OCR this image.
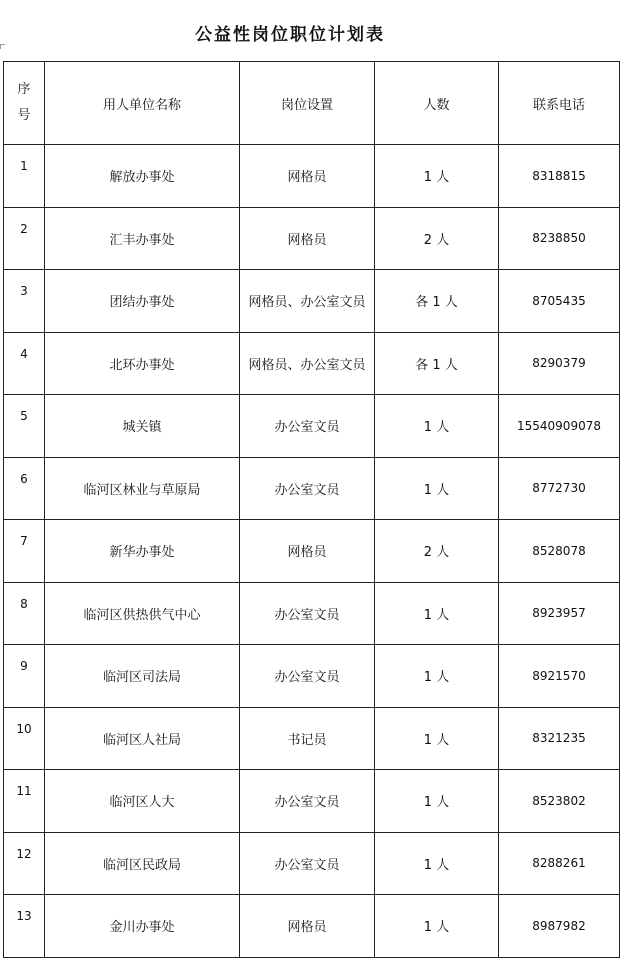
公益性岗位职位计划表
序
号	用人单位名称	岗位设置	人数	联系电话
1	解放办事处	网格员	1 人	8318815
2	汇丰办事处	网格员	2 人	8238850
3	团结办事处	网格员、办公室文员	各 1 人	8705435
4	北环办事处	网格员、办公室文员	各 1 人	8290379
5	城关镇	办公室文员	1 人	15540909078
6	临河区林业与草原局	办公室文员	1 人	8772730
7	新华办事处	网格员	2 人	8528078
8	临河区供热供气中心	办公室文员	1 人	8923957
9	临河区司法局	办公室文员	1 人	8921570
10	临河区人社局	书记员	1 人	8321235
11	临河区人大	办公室文员	1 人	8523802
12	临河区民政局	办公室文员	1 人	8288261
13	金川办事处	网格员	1 人	8987982
